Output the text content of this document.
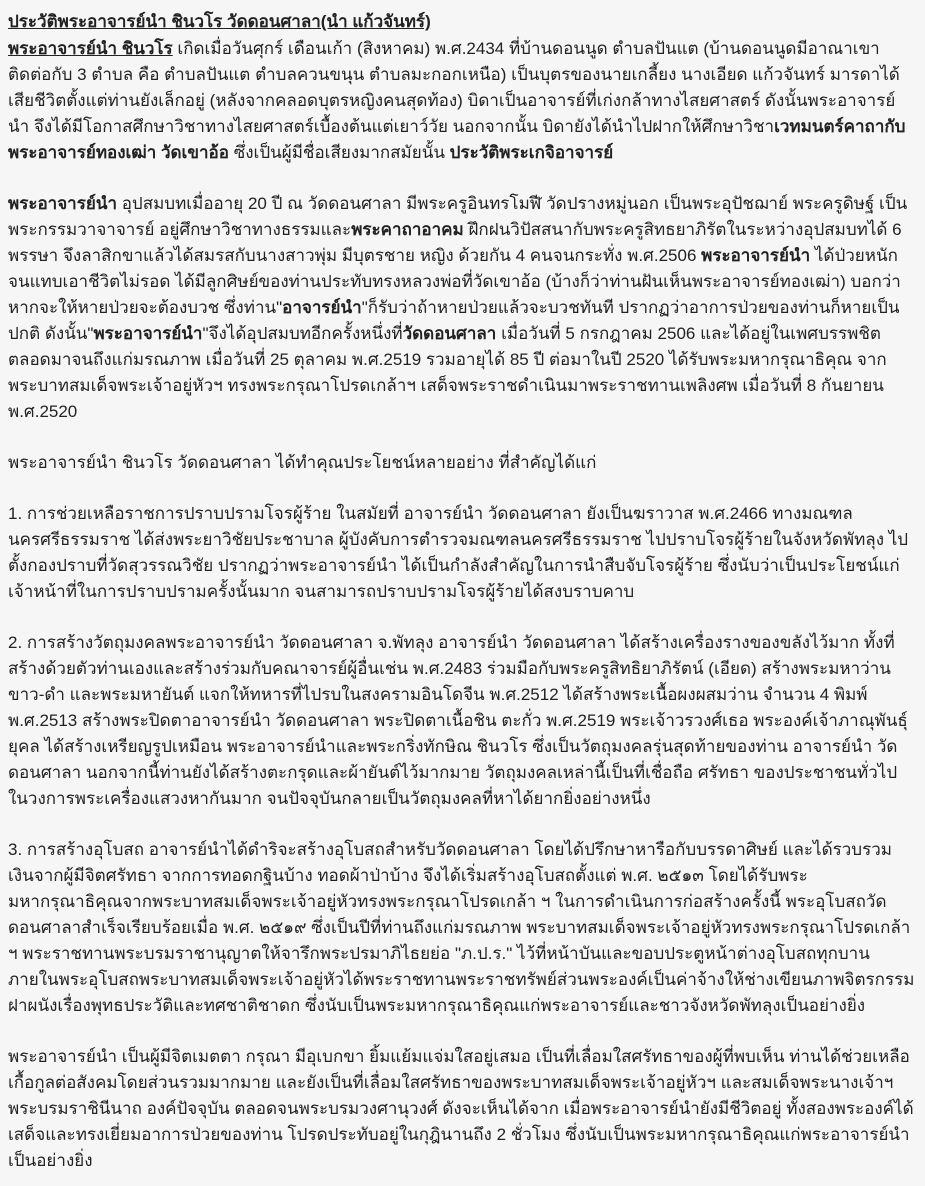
ประวัติพระอาจารย์นำ ชินวโร วัดดอนศาลา(นำ แก้วจันทร์)

พระอาจารย์นำ ชินวโร เกิดเมื่อวันศุกร์ เดือนเก้า (สิงหาคม) พ.ศ.2434 ที่บ้านดอนนูด ตำบลปันแต (บ้านดอนนูดมีอาณาเขาติดต่อกับ 3 ตำบล คือ ตำบลปันแต ตำบลควนขนุน ตำบลมะกอกเหนือ) เป็นบุตรของนายเกลี้ยง นางเอียด แก้วจันทร์ มารดาได้เสียชีวิตตั้งแต่ท่านยังเล็กอยู่ (หลังจากคลอดบุตรหญิงคนสุดท้อง) บิดาเป็นอาจารย์ที่เก่งกล้าทางไสยศาสตร์ ดังนั้นพระอาจารย์นำ จึงได้มีโอกาสศึกษาวิชาทางไสยศาสตร์เบื้องต้นแต่เยาว์วัย นอกจากนั้น บิดายังได้นำไปฝากให้ศึกษาวิชาเวทมนตร์คาถากับพระอาจารย์ทองเฒ่า วัดเขาอ้อ ซึ่งเป็นผู้มีชื่อเสียงมากสมัยนั้น ประวัติพระเกจิอาจารย์

พระอาจารย์นำ อุปสมบทเมื่ออายุ 20 ปี ณ วัดดอนศาลา มีพระครูอินทรโมฬี วัดปรางหมู่นอก เป็นพระอุปัชฌาย์ พระครูดิษฐ์ เป็นพระกรรมวาจาจารย์ อยู่ศึกษาวิชาทางธรรมและพระคาถาอาคม ฝึกฝนวิปัสสนากับพระครูสิทธยาภิรัตในระหว่างอุปสมบทได้ 6 พรรษา จึงลาสิกขาแล้วได้สมรสกับนางสาวพุ่ม มีบุตรชาย หญิง ด้วยกัน 4 คนจนกระทั่ง พ.ศ.2506 พระอาจารย์นำ ได้ป่วยหนักจนแทบเอาชีวิตไม่รอด ได้มีลูกศิษย์ของท่านประทับทรงหลวงพ่อที่วัดเขาอ้อ (บ้างก็ว่าท่านฝันเห็นพระอาจารย์ทองเฒ่า) บอกว่าหากจะให้หายป่วยจะต้องบวช ซึ่งท่าน"อาจารย์นำ"ก็รับว่าถ้าหายป่วยแล้วจะบวชทันที ปรากฏว่าอาการป่วยของท่านก็หายเป็นปกติ ดังนั้น"พระอาจารย์นำ"จึงได้อุปสมบทอีกครั้งหนึ่งที่วัดดอนศาลา เมื่อวันที่ 5 กรกฎาคม 2506 และได้อยู่ในเพศบรรพชิตตลอดมาจนถึงแก่มรณภาพ เมื่อวันที่ 25 ตุลาคม พ.ศ.2519 รวมอายุได้ 85 ปี ต่อมาในปี 2520 ได้รับพระมหากรุณาธิคุณ จากพระบาทสมเด็จพระเจ้าอยู่หัวฯ ทรงพระกรุณาโปรดเกล้าฯ เสด็จพระราชดำเนินมาพระราชทานเพลิงศพ เมื่อวันที่ 8 กันยายน พ.ศ.2520

พระอาจารย์นำ ชินวโร วัดดอนศาลา ได้ทำคุณประโยชน์หลายอย่าง ที่สำคัญได้แก่

1. การช่วยเหลือราชการปราบปรามโจรผู้ร้าย ในสมัยที่ อาจารย์นำ วัดดอนศาลา ยังเป็นฆราวาส พ.ศ.2466 ทางมณฑลนครศรีธรรมราช ได้ส่งพระยาวิชัยประชาบาล ผู้บังคับการตำรวจมณฑลนครศรีธรรมราช ไปปราบโจรผู้ร้ายในจังหวัดพัทลุง ไปตั้งกองปราบที่วัดสุวรรณวิชัย ปรากฏว่าพระอาจารย์นำ ได้เป็นกำลังสำคัญในการนำสืบจับโจรผู้ร้าย ซึ่งนับว่าเป็นประโยชน์แก่เจ้าหน้าที่ในการปราบปรามครั้งนั้นมาก จนสามารถปราบปรามโจรผู้ร้ายได้สงบราบคาบ

2. การสร้างวัตถุมงคลพระอาจารย์นำ วัดดอนศาลา จ.พัทลุง อาจารย์นำ วัดดอนศาลา ได้สร้างเครื่องรางของขลังไว้มาก ทั้งที่สร้างด้วยตัวท่านเองและสร้างร่วมกับคณาจารย์ผู้อื่นเช่น พ.ศ.2483 ร่วมมือกับพระครูสิทธิยาภิรัตน์ (เอียด) สร้างพระมหาว่านขาว-ดำ และพระมหายันต์ แจกให้ทหารที่ไปรบในสงครามอินโดจีน พ.ศ.2512 ได้สร้างพระเนื้อผงผสมว่าน จำนวน 4 พิมพ์ พ.ศ.2513 สร้างพระปิดตาอาจารย์นำ วัดดอนศาลา พระปิดตาเนื้อชิน ตะกั่ว พ.ศ.2519 พระเจ้าวรวงศ์เธอ พระองค์เจ้าภาณุพันธุ์ยุคล ได้สร้างเหรียญรูปเหมือน พระอาจารย์นำและพระกริ่งทักษิณ ชินวโร ซึ่งเป็นวัตถุมงคลรุ่นสุดท้ายของท่าน อาจารย์นำ วัดดอนศาลา นอกจากนี้ท่านยังได้สร้างตะกรุดและผ้ายันต์ไว้มากมาย วัตถุมงคลเหล่านี้เป็นที่เชื่อถือ ศรัทธา ของประชาชนทั่วไปในวงการพระเครื่องแสวงหากันมาก จนปัจจุบันกลายเป็นวัตถุมงคลที่หาได้ยากยิ่งอย่างหนึ่ง

3. การสร้างอุโบสถ อาจารย์นำได้ดำริจะสร้างอุโบสถสำหรับวัดดอนศาลา โดยได้ปรึกษาหารือกับบรรดาศิษย์ และได้รวบรวมเงินจากผู้มีจิตศรัทธา จากการทอดกฐินบ้าง ทอดผ้าป่าบ้าง จึงได้เริ่มสร้างอุโบสถตั้งแต่ พ.ศ. ๒๕๑๓ โดยได้รับพระมหากรุณาธิคุณจากพระบาทสมเด็จพระเจ้าอยู่หัวทรงพระกรุณาโปรดเกล้า ฯ ในการดำเนินการก่อสร้างครั้งนี้ พระอุโบสถวัดดอนศาลาสำเร็จเรียบร้อยเมื่อ พ.ศ. ๒๕๑๙ ซึ่งเป็นปีที่ท่านถึงแก่มรณภาพ พระบาทสมเด็จพระเจ้าอยู่หัวทรงพระกรุณาโปรดเกล้า ฯ พระราชทานพระบรมราชานุญาตให้จารึกพระปรมาภิไธยย่อ "ภ.ป.ร." ไว้ที่หน้าบันและขอบประตูหน้าต่างอุโบสถทุกบานภายในพระอุโบสถพระบาทสมเด็จพระเจ้าอยู่หัวได้พระราชทานพระราชทรัพย์ส่วนพระองค์เป็นค่าจ้างให้ช่างเขียนภาพจิตรกรรมฝาผนังเรื่องพุทธประวัติและทศชาติชาดก ซึ่งนับเป็นพระมหากรุณาธิคุณแก่พระอาจารย์และชาวจังหวัดพัทลุงเป็นอย่างยิ่ง

พระอาจารย์นำ เป็นผู้มีจิตเมตตา กรุณา มีอุเบกขา ยิ้มแย้มแจ่มใสอยู่เสมอ เป็นที่เลื่อมใสศรัทธาของผู้ที่พบเห็น ท่านได้ช่วยเหลือเกื้อกูลต่อสังคมโดยส่วนรวมมากมาย และยังเป็นที่เลื่อมใสศรัทธาของพระบาทสมเด็จพระเจ้าอยู่หัวฯ และสมเด็จพระนางเจ้าฯ พระบรมราชินีนาถ องค์ปัจจุบัน ตลอดจนพระบรมวงศานุวงศ์ ดังจะเห็นได้จาก เมื่อพระอาจารย์นำยังมีชีวิตอยู่ ทั้งสองพระองค์ได้เสด็จและทรงเยี่ยมอาการป่วยของท่าน โปรดประทับอยู่ในกุฎินานถึง 2 ชั่วโมง ซึ่งนับเป็นพระมหากรุณาธิคุณแก่พระอาจารย์นำเป็นอย่างยิ่ง
